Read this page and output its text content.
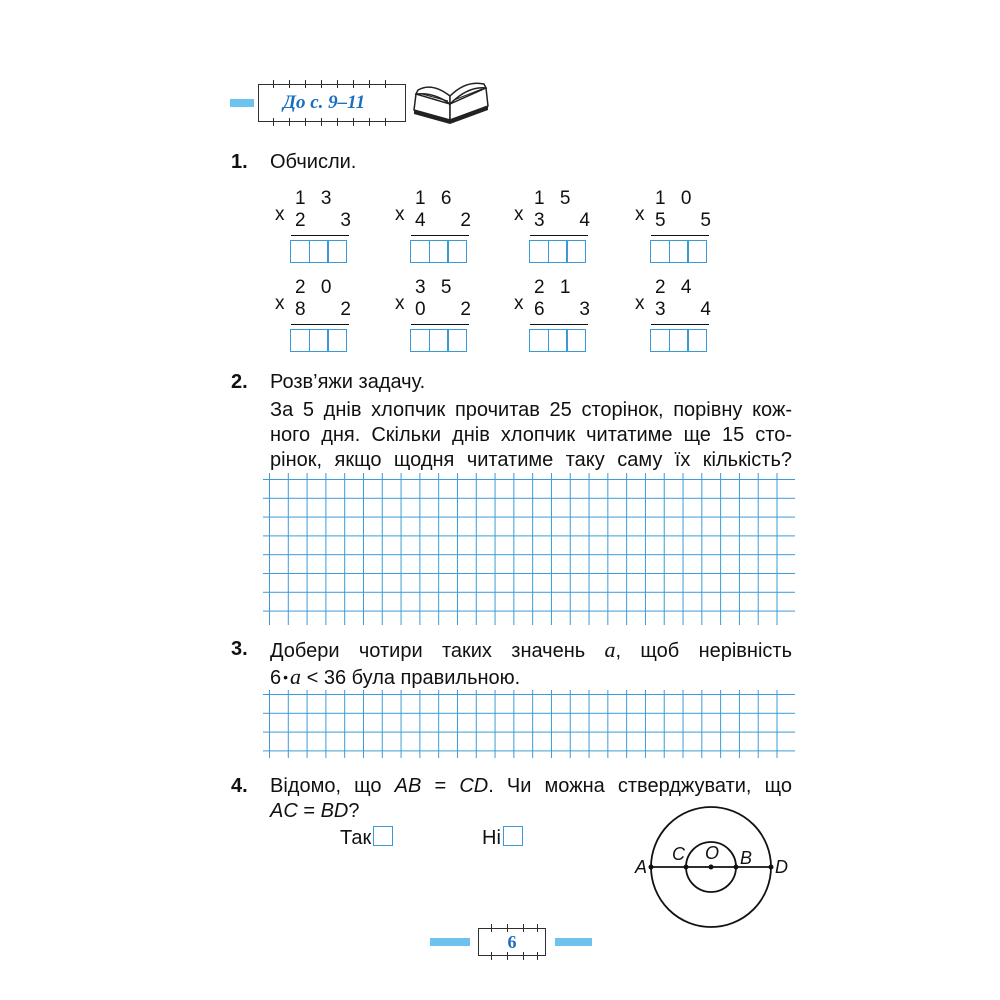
До с. 9–11
1. Обчисли.
x
1 3 2	3 x
1 6 4	2 x
1 5 3	4 x
1 0 5	5
x
2 0 8	2 x
3 5 0	2 x
2 1 6	3 x
2 4 3	4
2. Розв’яжи задачу.
За 5 днів хлопчик прочитав 25 сторінок, порівну кож-
ного дня. Скільки днів хлопчик читатиме ще 15 сто-
рінок, якщо щодня читатиме таку саму їх кількість?
3. Добери чотири таких значень a, щоб нерівність
6 •a < 36 була правильною.
4. Відомо, що AB = CD. Чи можна стверджувати, що
AC = BD?
Так	Ні
A
C O B D
6
